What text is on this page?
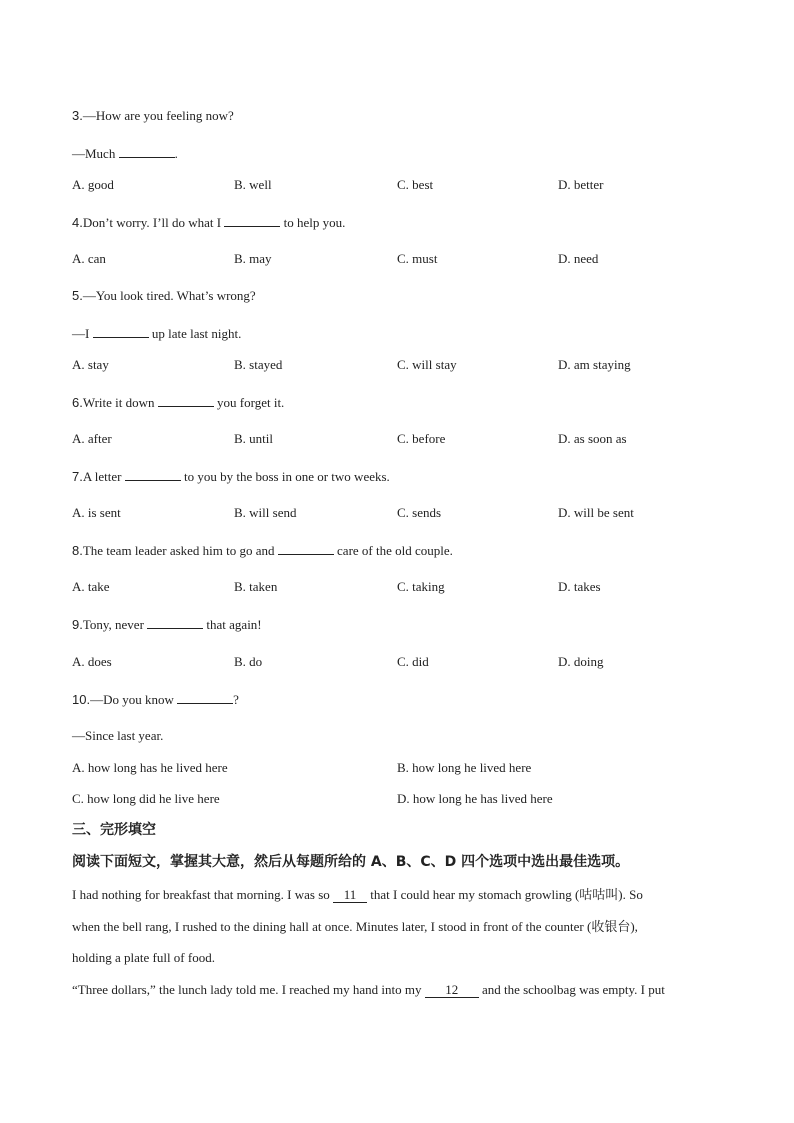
3.—How are you feeling now?
—Much	.
A. good	B. well	C. best	D. better
4.Don’t worry. I’ll do what I	to help you.
A. can	B. may	C. must	D. need
5.—You look tired. What’s wrong?
—I	up late last night.
A. stay	B. stayed	C. will stay	D. am staying
6.Write it down	you forget it.
A. after	B. until	C. before	D. as soon as
7.A letter	to you by the boss in one or two weeks.
A. is sent	B. will send	C. sends	D. will be sent
8.The team leader asked him to go and	care of the old couple.
A. take	B. taken	C. taking	D. takes
9.Tony, never	that again!
A. does	B. do	C. did	D. doing
10.—Do you know	?
—Since last year.
A. how long has he lived here	B. how long he lived here
C. how long did he live here	D. how long he has lived here
三、完形填空
阅读下面短文，掌握其大意，然后从每题所给的 A、B、C、D 四个选项中选出最佳选项。
I had nothing for breakfast that morning. I was so 11 that I could hear my stomach growling (咕咕叫). So
when the bell rang, I rushed to the dining hall at once. Minutes later, I stood in front of the counter (收银台),
holding a plate full of food.
“Three dollars,” the lunch lady told me. I reached my hand into my 12 and the schoolbag was empty. I put
